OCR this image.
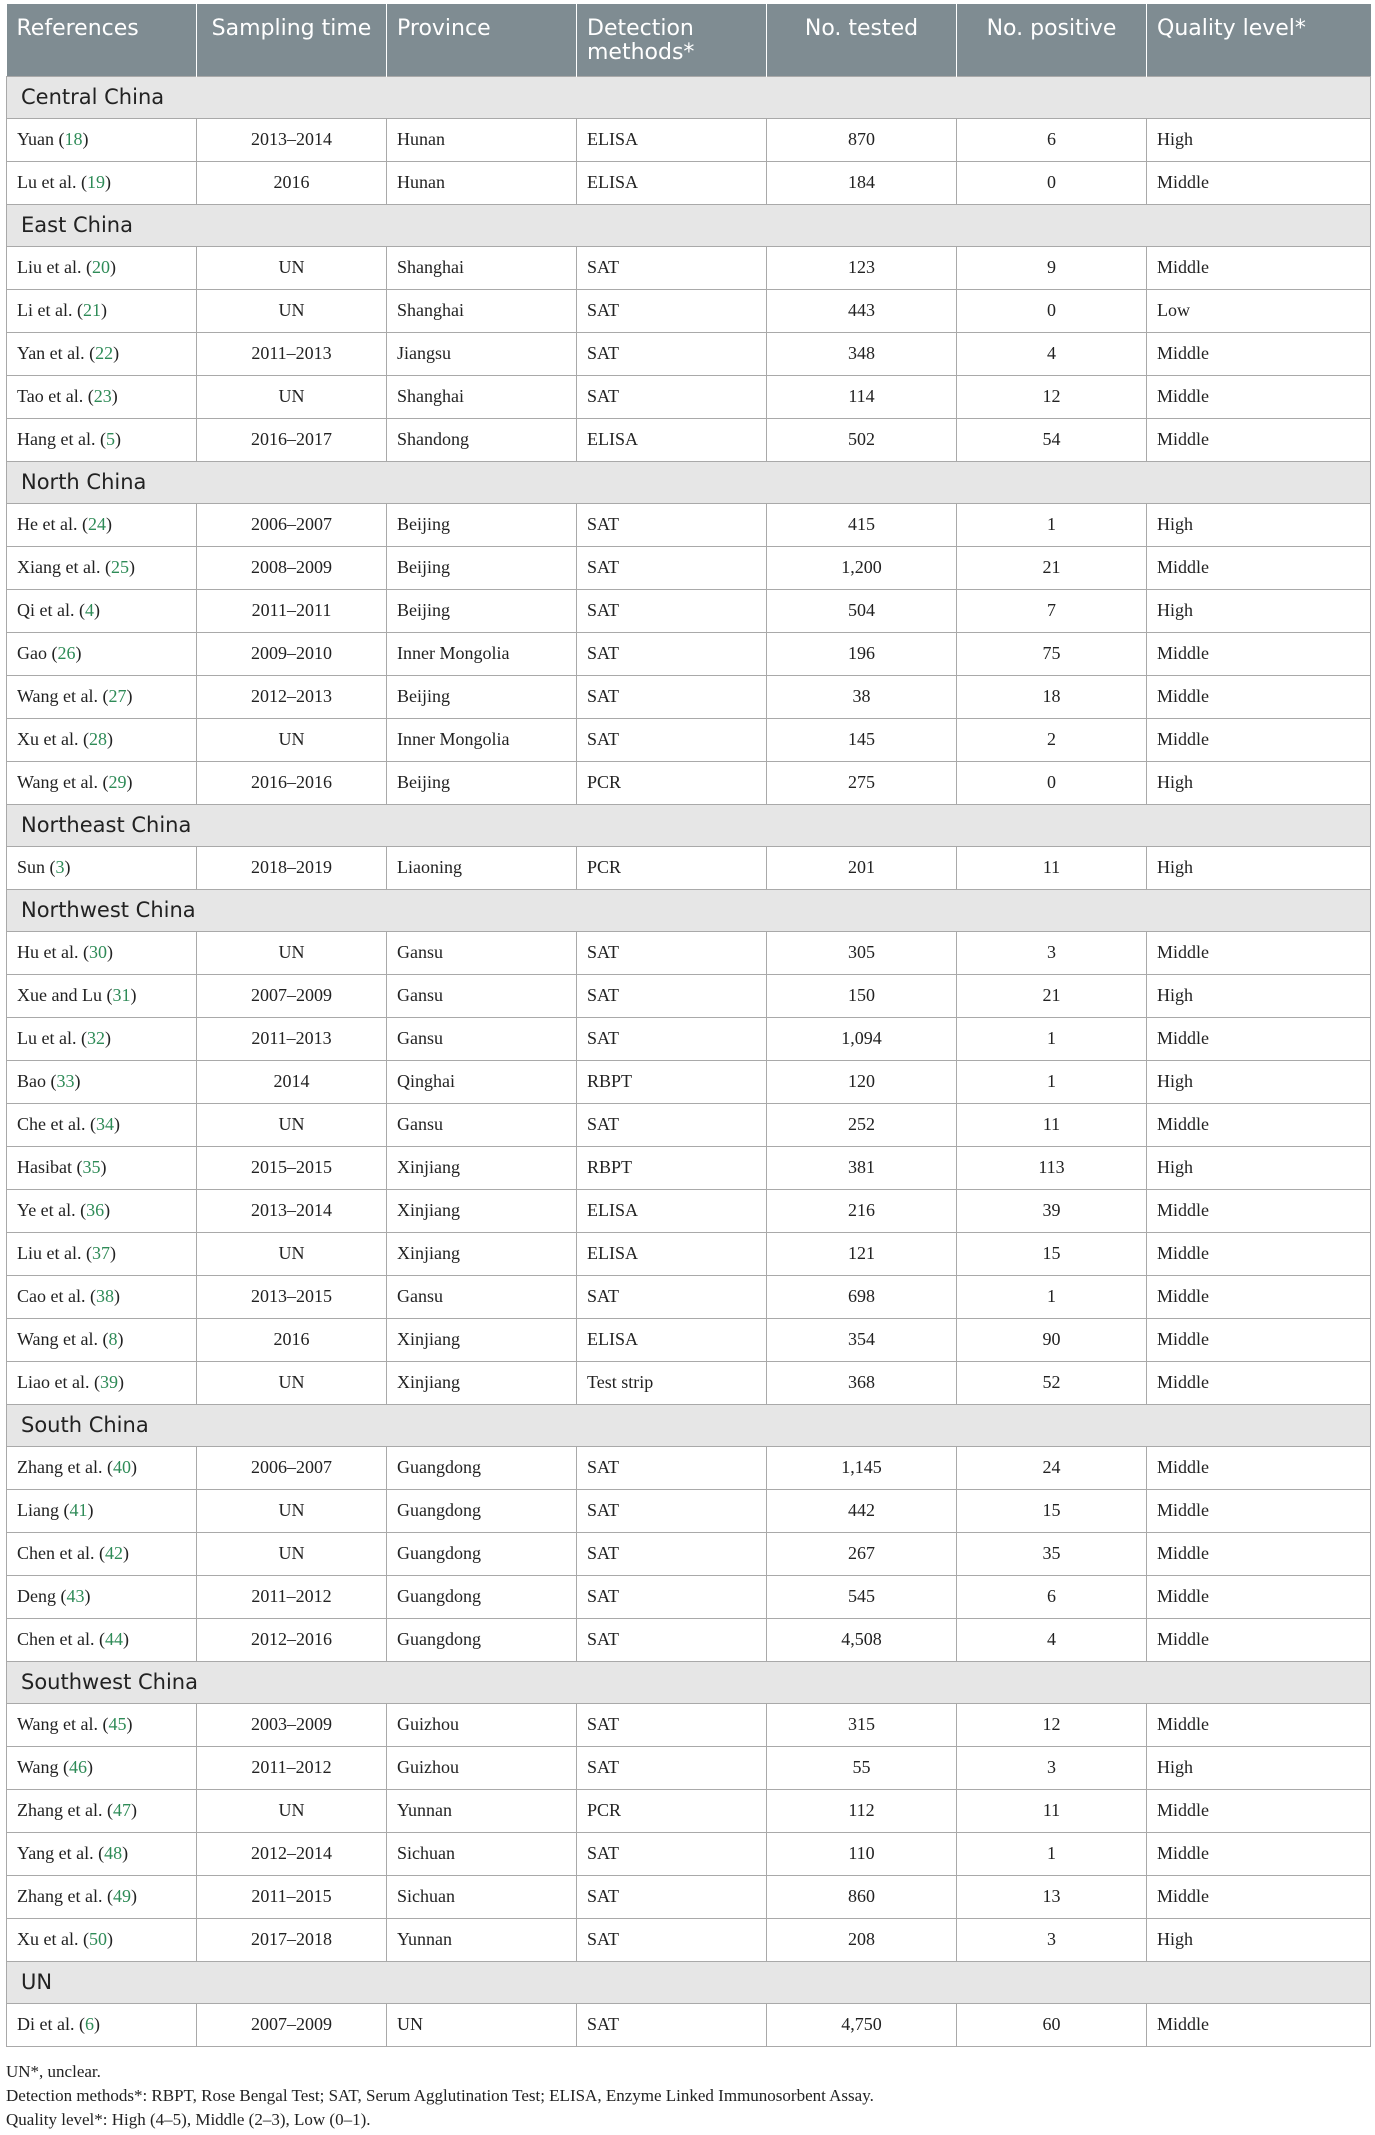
References	Sampling time	Province	Detection methods*	No. tested	No. positive	Quality level*
Central China						
Yuan (18)	2013–2014	Hunan	ELISA	870	6	High
Lu et al. (19)	2016	Hunan	ELISA	184	0	Middle
East China						
Liu et al. (20)	UN	Shanghai	SAT	123	9	Middle
Li et al. (21)	UN	Shanghai	SAT	443	0	Low
Yan et al. (22)	2011–2013	Jiangsu	SAT	348	4	Middle
Tao et al. (23)	UN	Shanghai	SAT	114	12	Middle
Hang et al. (5)	2016–2017	Shandong	ELISA	502	54	Middle
North China						
He et al. (24)	2006–2007	Beijing	SAT	415	1	High
Xiang et al. (25)	2008–2009	Beijing	SAT	1,200	21	Middle
Qi et al. (4)	2011–2011	Beijing	SAT	504	7	High
Gao (26)	2009–2010	Inner Mongolia	SAT	196	75	Middle
Wang et al. (27)	2012–2013	Beijing	SAT	38	18	Middle
Xu et al. (28)	UN	Inner Mongolia	SAT	145	2	Middle
Wang et al. (29)	2016–2016	Beijing	PCR	275	0	High
Northeast China						
Sun (3)	2018–2019	Liaoning	PCR	201	11	High
Northwest China						
Hu et al. (30)	UN	Gansu	SAT	305	3	Middle
Xue and Lu (31)	2007–2009	Gansu	SAT	150	21	High
Lu et al. (32)	2011–2013	Gansu	SAT	1,094	1	Middle
Bao (33)	2014	Qinghai	RBPT	120	1	High
Che et al. (34)	UN	Gansu	SAT	252	11	Middle
Hasibat (35)	2015–2015	Xinjiang	RBPT	381	113	High
Ye et al. (36)	2013–2014	Xinjiang	ELISA	216	39	Middle
Liu et al. (37)	UN	Xinjiang	ELISA	121	15	Middle
Cao et al. (38)	2013–2015	Gansu	SAT	698	1	Middle
Wang et al. (8)	2016	Xinjiang	ELISA	354	90	Middle
Liao et al. (39)	UN	Xinjiang	Test strip	368	52	Middle
South China						
Zhang et al. (40)	2006–2007	Guangdong	SAT	1,145	24	Middle
Liang (41)	UN	Guangdong	SAT	442	15	Middle
Chen et al. (42)	UN	Guangdong	SAT	267	35	Middle
Deng (43)	2011–2012	Guangdong	SAT	545	6	Middle
Chen et al. (44)	2012–2016	Guangdong	SAT	4,508	4	Middle
Southwest China						
Wang et al. (45)	2003–2009	Guizhou	SAT	315	12	Middle
Wang (46)	2011–2012	Guizhou	SAT	55	3	High
Zhang et al. (47)	UN	Yunnan	PCR	112	11	Middle
Yang et al. (48)	2012–2014	Sichuan	SAT	110	1	Middle
Zhang et al. (49)	2011–2015	Sichuan	SAT	860	13	Middle
Xu et al. (50)	2017–2018	Yunnan	SAT	208	3	High
UN						
Di et al. (6)	2007–2009	UN	SAT	4,750	60	Middle
UN*, unclear.
Detection methods*: RBPT, Rose Bengal Test; SAT, Serum Agglutination Test; ELISA, Enzyme Linked Immunosorbent Assay.
Quality level*: High (4–5), Middle (2–3), Low (0–1).
